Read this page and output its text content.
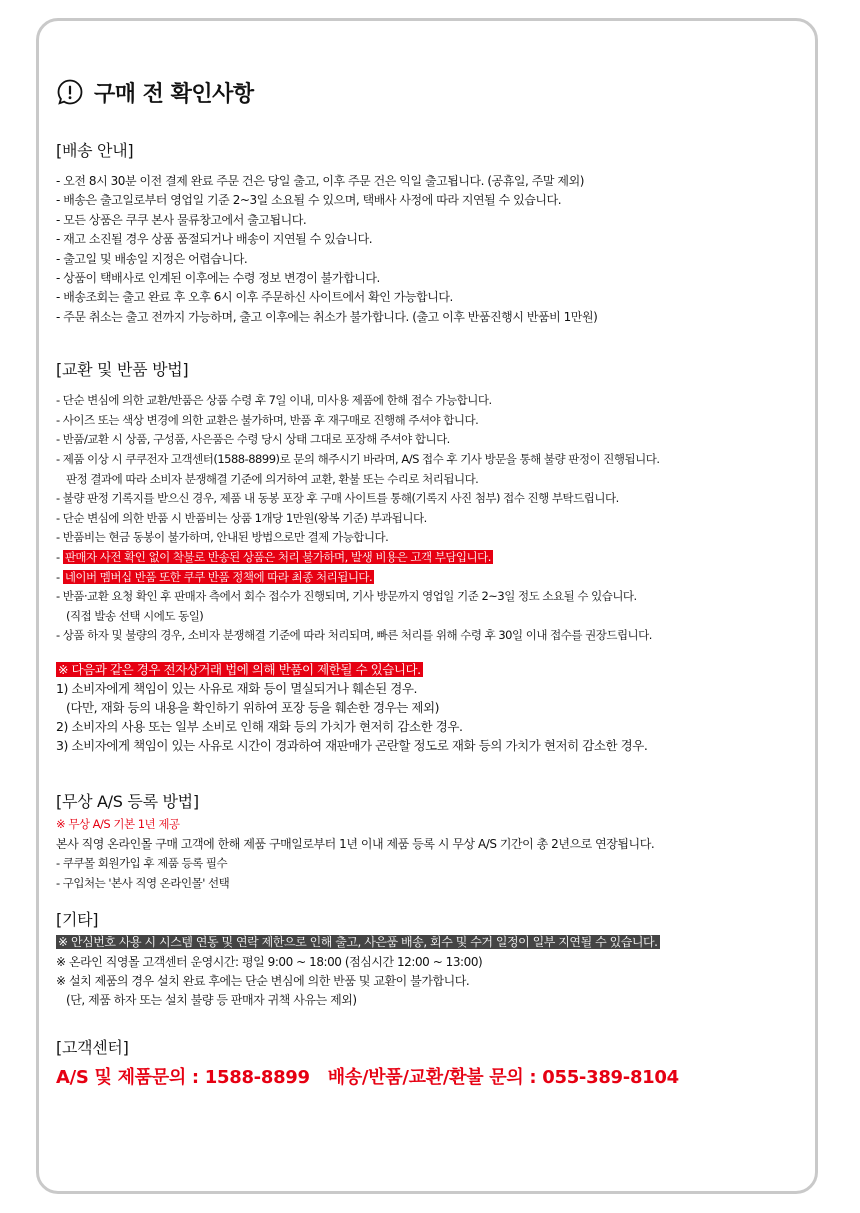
구매 전 확인사항
[배송 안내]
- 오전 8시 30분 이전 결제 완료 주문 건은 당일 출고, 이후 주문 건은 익일 출고됩니다. (공휴일, 주말 제외)
- 배송은 출고일로부터 영업일 기준 2~3일 소요될 수 있으며, 택배사 사정에 따라 지연될 수 있습니다.
- 모든 상품은 쿠쿠 본사 물류창고에서 출고됩니다.
- 재고 소진될 경우 상품 품절되거나 배송이 지연될 수 있습니다.
- 출고일 및 배송일 지정은 어렵습니다.
- 상품이 택배사로 인계된 이후에는 수령 정보 변경이 불가합니다.
- 배송조회는 출고 완료 후 오후 6시 이후 주문하신 사이트에서 확인 가능합니다.
- 주문 취소는 출고 전까지 가능하며, 출고 이후에는 취소가 불가합니다. (출고 이후 반품진행시 반품비 1만원)
[교환 및 반품 방법]
- 단순 변심에 의한 교환/반품은 상품 수령 후 7일 이내, 미사용 제품에 한해 접수 가능합니다.
- 사이즈 또는 색상 변경에 의한 교환은 불가하며, 반품 후 재구매로 진행해 주셔야 합니다.
- 반품/교환 시 상품, 구성품, 사은품은 수령 당시 상태 그대로 포장해 주셔야 합니다.
- 제품 이상 시 쿠쿠전자 고객센터(1588-8899)로 문의 해주시기 바라며, A/S 접수 후 기사 방문을 통해 불량 판정이 진행됩니다.
판정 결과에 따라 소비자 분쟁해결 기준에 의거하여 교환, 환불 또는 수리로 처리됩니다.
- 불량 판정 기록지를 받으신 경우, 제품 내 동봉 포장 후 구매 사이트를 통해(기록지 사진 첨부) 접수 진행 부탁드립니다.
- 단순 변심에 의한 반품 시 반품비는 상품 1개당 1만원(왕복 기준) 부과됩니다.
- 반품비는 현금 동봉이 불가하며, 안내된 방법으로만 결제 가능합니다.
- 판매자 사전 확인 없이 착불로 반송된 상품은 처리 불가하며, 발생 비용은 고객 부담입니다.
- 네이버 멤버십 반품 또한 쿠쿠 반품 정책에 따라 최종 처리됩니다.
- 반품·교환 요청 확인 후 판매자 측에서 회수 접수가 진행되며, 기사 방문까지 영업일 기준 2~3일 정도 소요될 수 있습니다.
(직접 발송 선택 시에도 동일)
- 상품 하자 및 불량의 경우, 소비자 분쟁해결 기준에 따라 처리되며, 빠른 처리를 위해 수령 후 30일 이내 접수를 권장드립니다.
※ 다음과 같은 경우 전자상거래 법에 의해 반품이 제한될 수 있습니다.
1) 소비자에게 책임이 있는 사유로 재화 등이 멸실되거나 훼손된 경우.
(다만, 재화 등의 내용을 확인하기 위하여 포장 등을 훼손한 경우는 제외)
2) 소비자의 사용 또는 일부 소비로 인해 재화 등의 가치가 현저히 감소한 경우.
3) 소비자에게 책임이 있는 사유로 시간이 경과하여 재판매가 곤란할 정도로 재화 등의 가치가 현저히 감소한 경우.
[무상 A/S 등록 방법]
※ 무상 A/S 기본 1년 제공
본사 직영 온라인몰 구매 고객에 한해 제품 구매일로부터 1년 이내 제품 등록 시 무상 A/S 기간이 총 2년으로 연장됩니다.
- 쿠쿠몰 회원가입 후 제품 등록 필수
- 구입처는 '본사 직영 온라인몰' 선택
[기타]
※ 안심번호 사용 시 시스템 연동 및 연락 제한으로 인해 출고, 사은품 배송, 회수 및 수거 일정이 일부 지연될 수 있습니다.
※ 온라인 직영몰 고객센터 운영시간: 평일 9:00 ~ 18:00 (점심시간 12:00 ~ 13:00)
※ 설치 제품의 경우 설치 완료 후에는 단순 변심에 의한 반품 및 교환이 불가합니다.
(단, 제품 하자 또는 설치 불량 등 판매자 귀책 사유는 제외)
[고객센터]
A/S 및 제품문의 : 1588-8899 배송/반품/교환/환불 문의 : 055-389-8104
